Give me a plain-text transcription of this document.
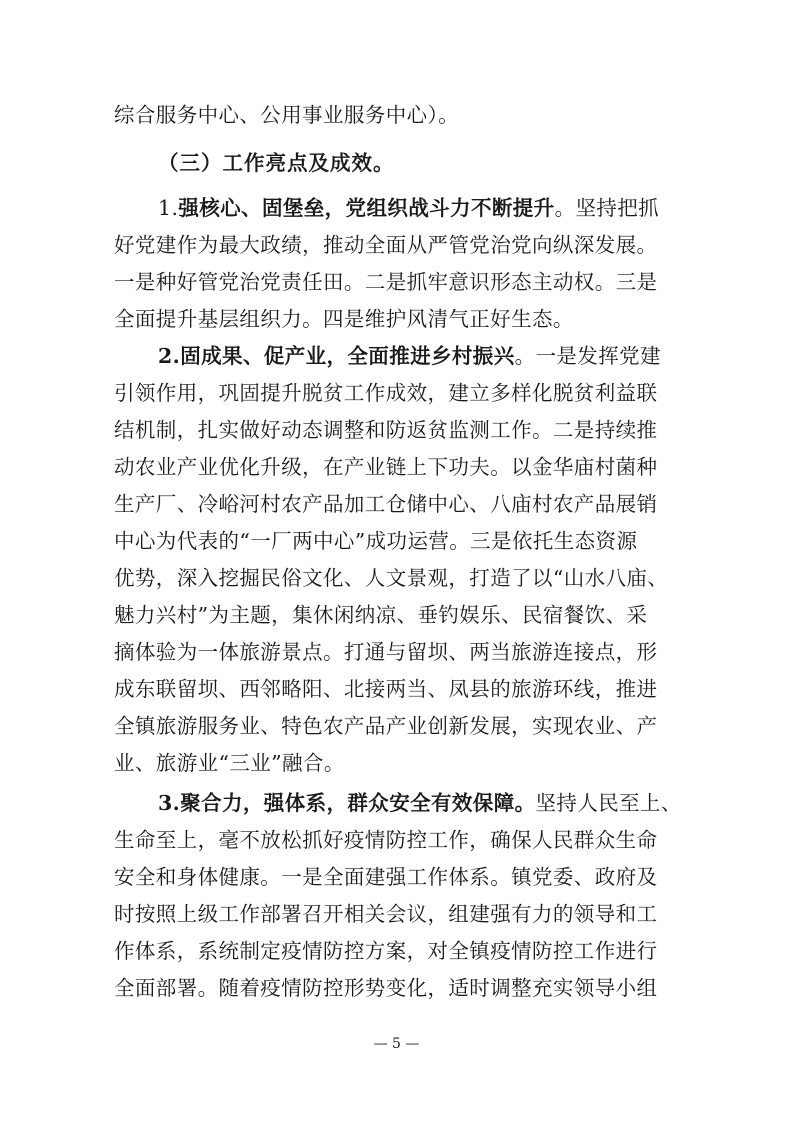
综合服务中心、公用事业服务中心）。
（三）工作亮点及成效。
1.强核心、固堡垒，党组织战斗力不断提升。坚持把抓
好党建作为最大政绩，推动全面从严管党治党向纵深发展。
一是种好管党治党责任田。二是抓牢意识形态主动权。三是
全面提升基层组织力。四是维护风清气正好生态。
2.固成果、促产业，全面推进乡村振兴。一是发挥党建
引领作用，巩固提升脱贫工作成效，建立多样化脱贫利益联
结机制，扎实做好动态调整和防返贫监测工作。二是持续推
动农业产业优化升级，在产业链上下功夫。以金华庙村菌种
生产厂、冷峪河村农产品加工仓储中心、八庙村农产品展销
中心为代表的“一厂两中心”成功运营。三是依托生态资源
优势，深入挖掘民俗文化、人文景观，打造了以“山水八庙、
魅力兴村”为主题，集休闲纳凉、垂钓娱乐、民宿餐饮、采
摘体验为一体旅游景点。打通与留坝、两当旅游连接点，形
成东联留坝、西邻略阳、北接两当、凤县的旅游环线，推进
全镇旅游服务业、特色农产品产业创新发展，实现农业、产
业、旅游业“三业”融合。
3.聚合力，强体系，群众安全有效保障。坚持人民至上、
生命至上，毫不放松抓好疫情防控工作，确保人民群众生命
安全和身体健康。一是全面建强工作体系。镇党委、政府及
时按照上级工作部署召开相关会议，组建强有力的领导和工
作体系，系统制定疫情防控方案，对全镇疫情防控工作进行
全面部署。随着疫情防控形势变化，适时调整充实领导小组
— 5 —
